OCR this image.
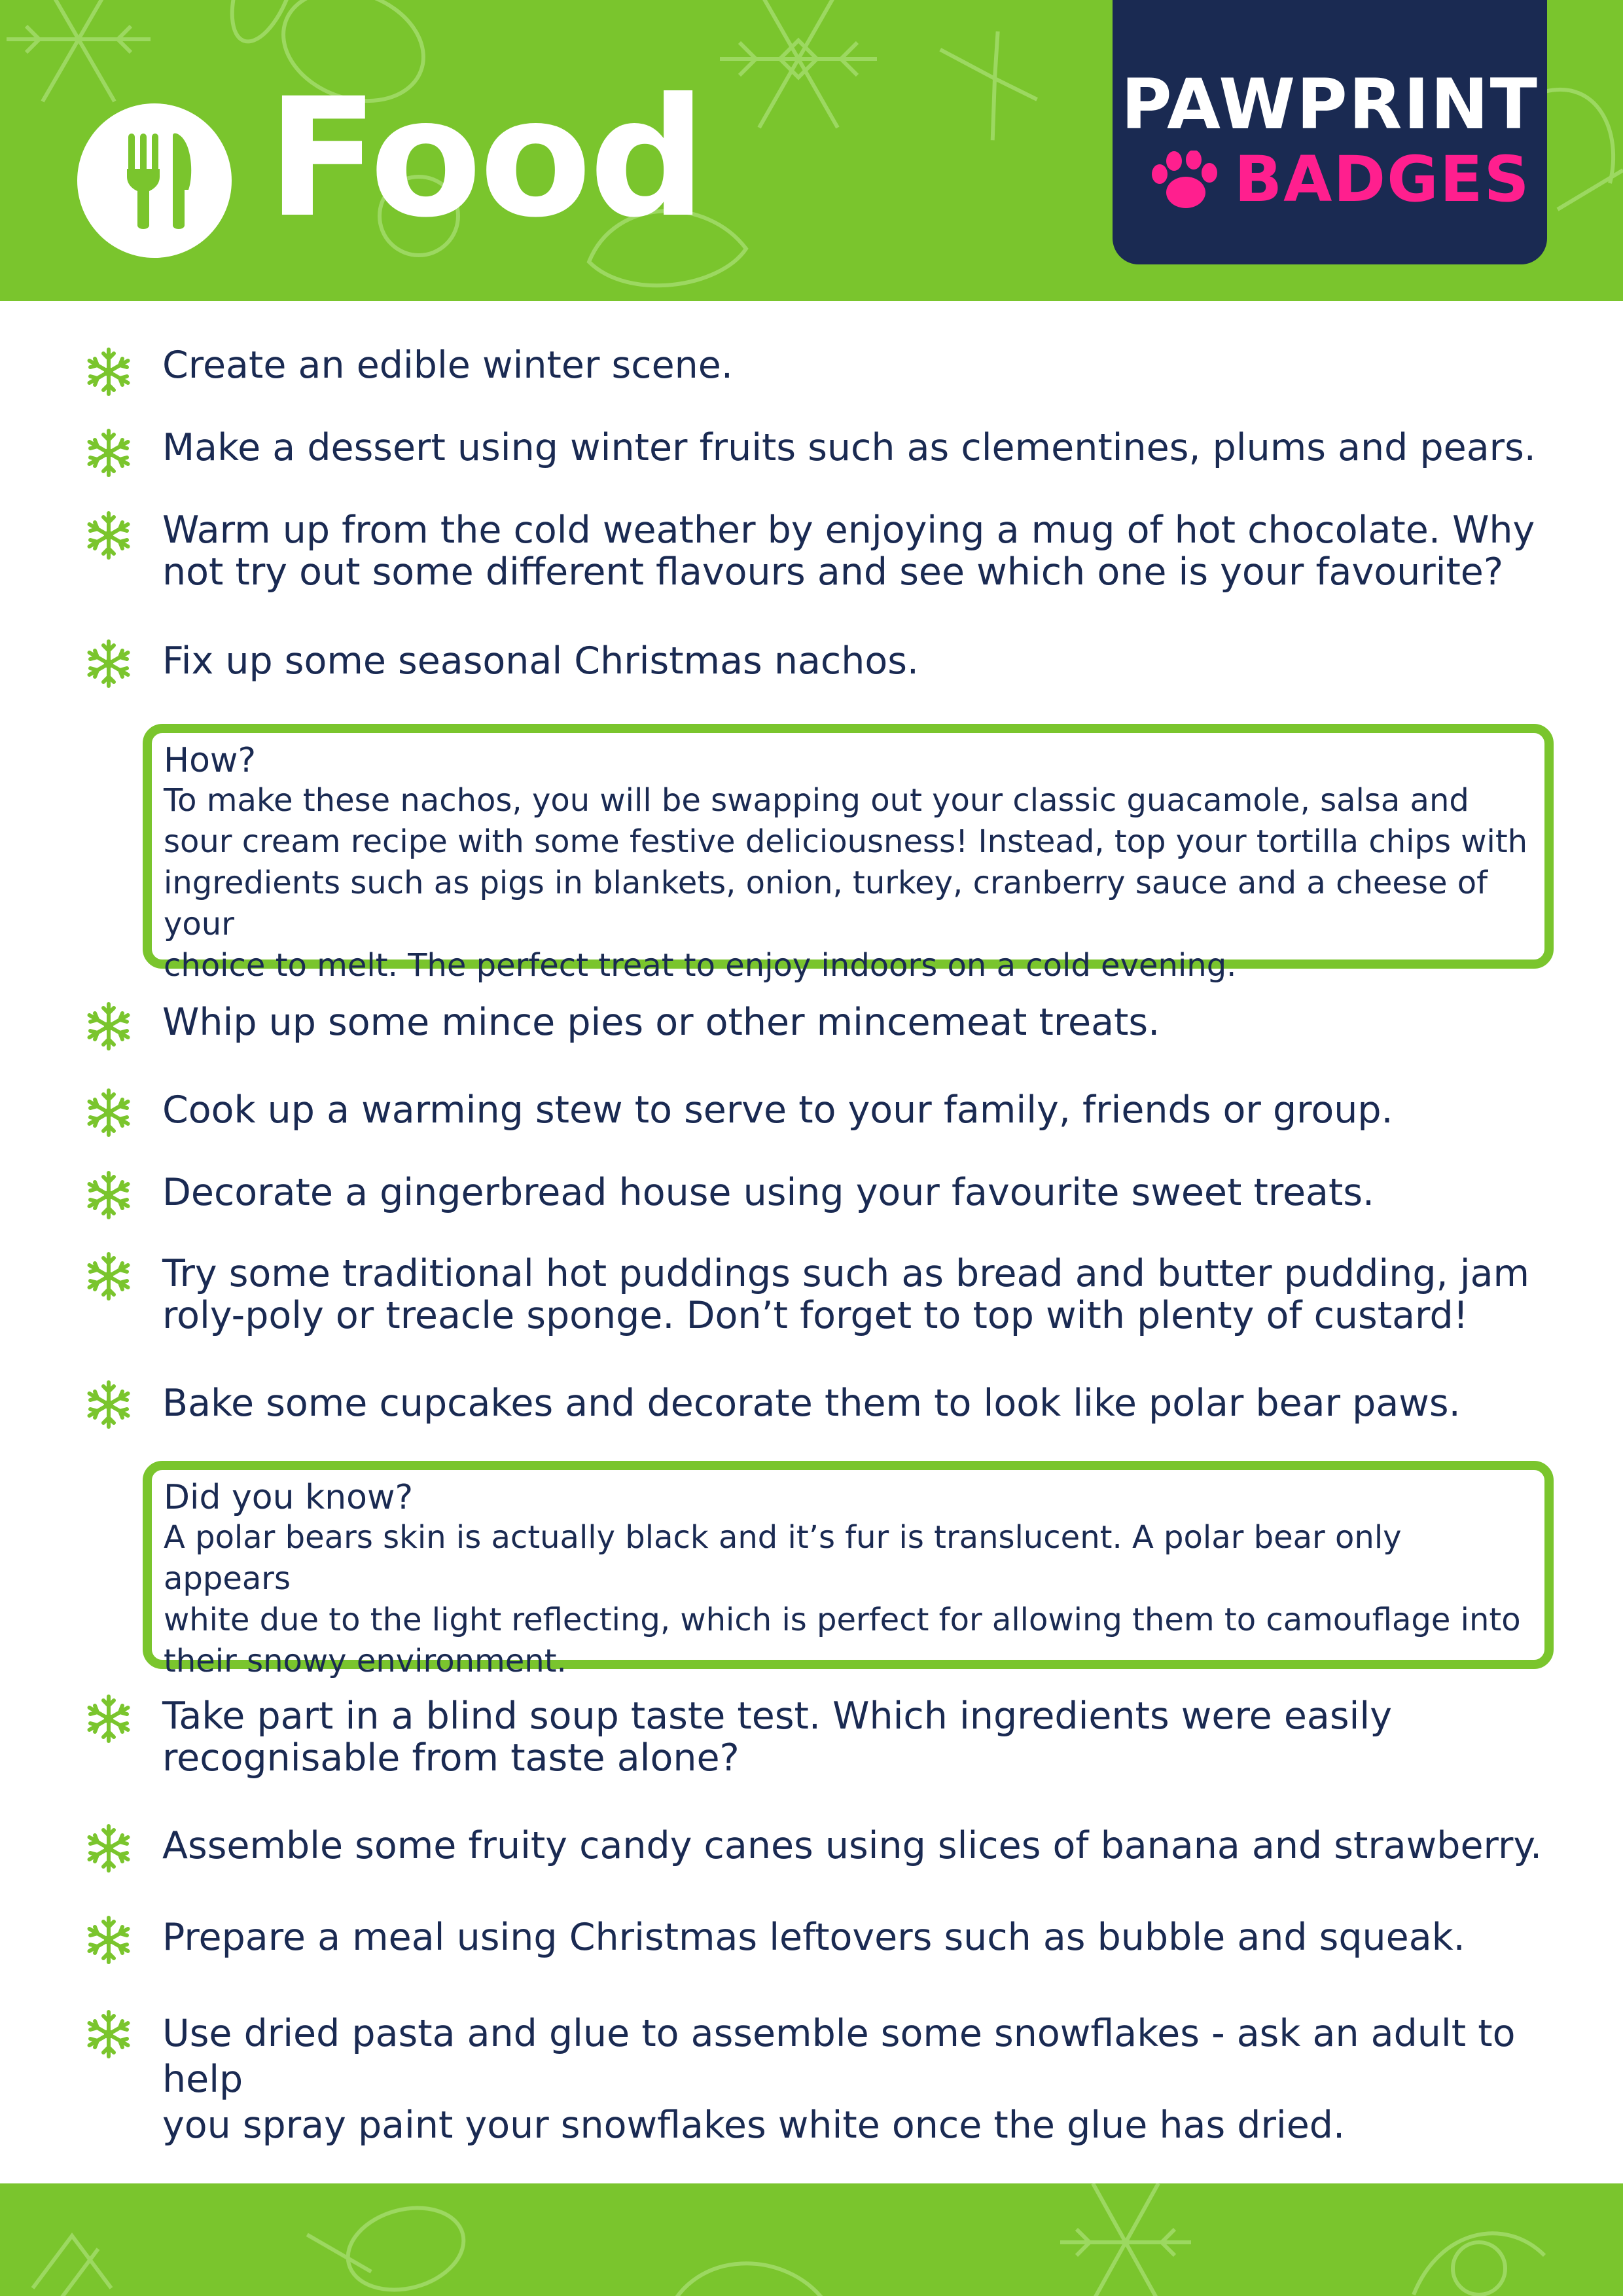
Food	PAWPRINT
BADGES
Create an edible winter scene.
Make a dessert using winter fruits such as clementines, plums and pears.
Warm up from the cold weather by enjoying a mug of hot chocolate. Why
not try out some different flavours and see which one is your favourite?
Fix up some seasonal Christmas nachos.
How?
To make these nachos, you will be swapping out your classic guacamole, salsa and
sour cream recipe with some festive deliciousness! Instead, top your tortilla chips with
ingredients such as pigs in blankets, onion, turkey, cranberry sauce and a cheese of your
choice to melt. The perfect treat to enjoy indoors on a cold evening.
Whip up some mince pies or other mincemeat treats.
Cook up a warming stew to serve to your family, friends or group.
Decorate a gingerbread house using your favourite sweet treats.
Try some traditional hot puddings such as bread and butter pudding, jam
roly-poly or treacle sponge. Don’t forget to top with plenty of custard!
Bake some cupcakes and decorate them to look like polar bear paws.
Did you know?
A polar bears skin is actually black and it’s fur is translucent. A polar bear only appears
white due to the light reflecting, which is perfect for allowing them to camouflage into
their snowy environment.
Take part in a blind soup taste test. Which ingredients were easily
recognisable from taste alone?
Assemble some fruity candy canes using slices of banana and strawberry.
Prepare a meal using Christmas leftovers such as bubble and squeak.
Use dried pasta and glue to assemble some snowflakes - ask an adult to help
you spray paint your snowflakes white once the glue has dried.
